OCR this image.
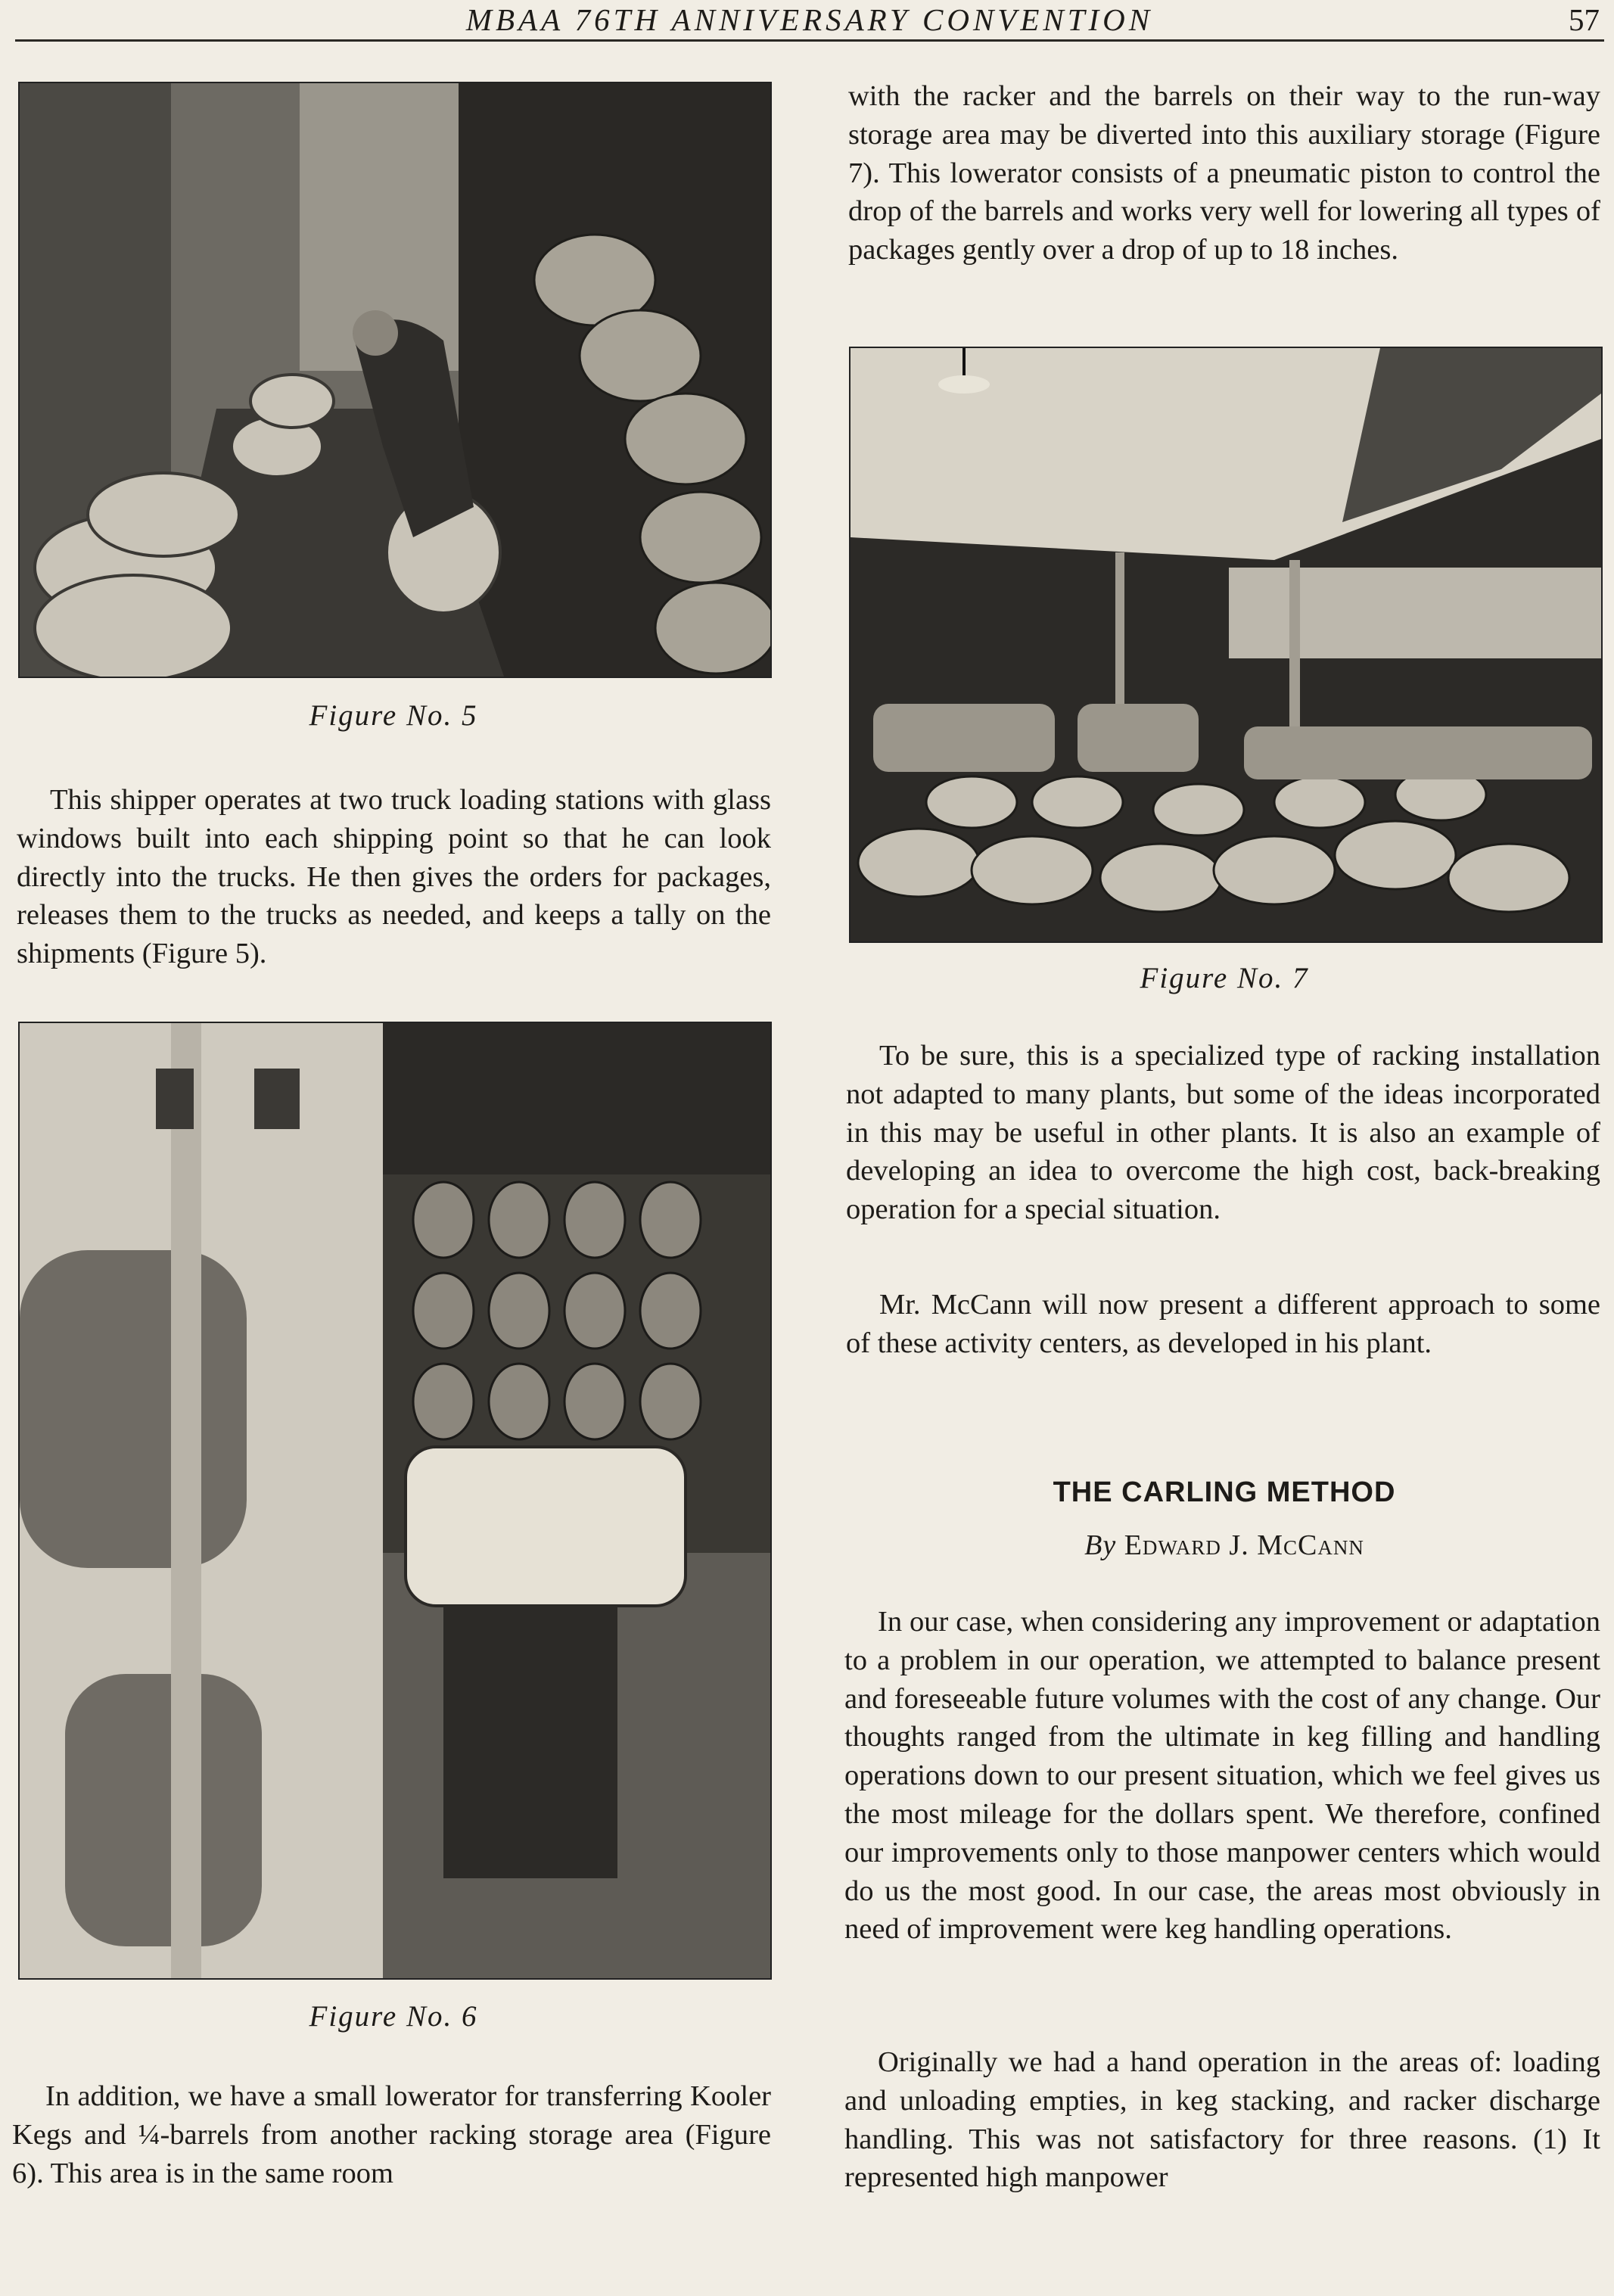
MBAA 76TH ANNIVERSARY CONVENTION	57
Figure No. 5

This shipper operates at two truck loading stations with glass windows built into each shipping point so that he can look directly into the trucks. He then gives the orders for packages, releases them to the trucks as needed, and keeps a tally on the shipments (Figure 5).

Figure No. 6

In addition, we have a small lowerator for transferring Kooler Kegs and ¼-barrels from another racking storage area (Figure 6). This area is in the same room

with the racker and the barrels on their way to the run-way storage area may be diverted into this auxiliary storage (Figure 7). This lowerator consists of a pneumatic piston to control the drop of the barrels and works very well for lowering all types of packages gently over a drop of up to 18 inches.

Figure No. 7

To be sure, this is a specialized type of racking installation not adapted to many plants, but some of the ideas incorporated in this may be useful in other plants. It is also an example of developing an idea to overcome the high cost, back-breaking operation for a special situation.

Mr. McCann will now present a different approach to some of these activity centers, as developed in his plant.

THE CARLING METHOD
By Edward J. McCann

In our case, when considering any improvement or adaptation to a problem in our operation, we attempted to balance present and foreseeable future volumes with the cost of any change. Our thoughts ranged from the ultimate in keg filling and handling operations down to our present situation, which we feel gives us the most mileage for the dollars spent. We therefore, confined our improvements only to those manpower centers which would do us the most good. In our case, the areas most obviously in need of improvement were keg handling operations.

Originally we had a hand operation in the areas of: loading and unloading empties, in keg stacking, and racker discharge handling. This was not satisfactory for three reasons. (1) It represented high manpower
